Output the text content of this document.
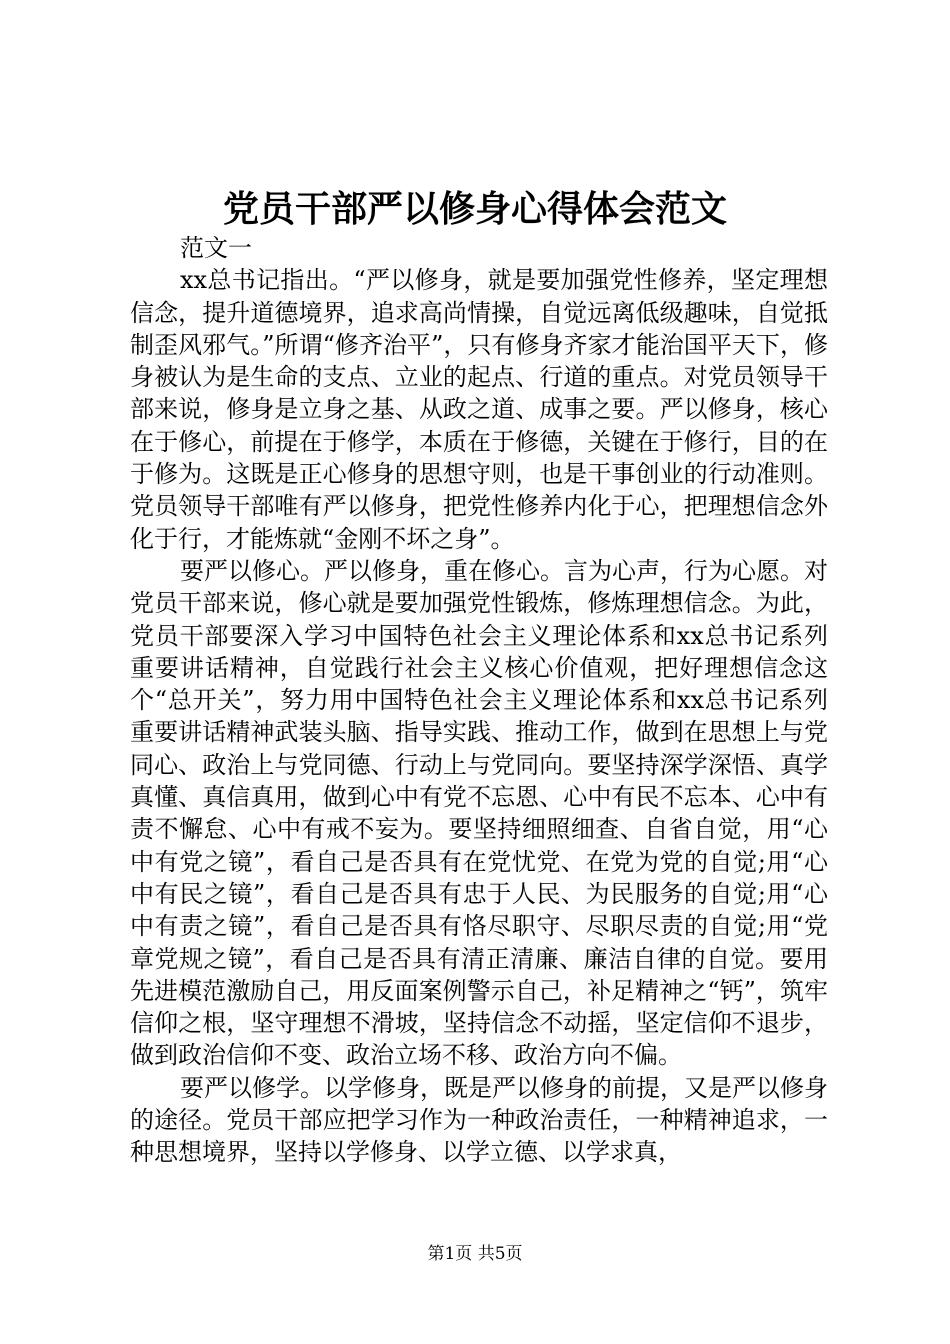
党员干部严以修身心得体会范文

范文一

xx总书记指出。“严以修身，就是要加强党性修养，坚定理想信念，提升道德境界，追求高尚情操，自觉远离低级趣味，自觉抵制歪风邪气。”所谓“修齐治平”，只有修身齐家才能治国平天下，修身被认为是生命的支点、立业的起点、行道的重点。对党员领导干部来说，修身是立身之基、从政之道、成事之要。严以修身，核心在于修心，前提在于修学，本质在于修德，关键在于修行，目的在于修为。这既是正心修身的思想守则，也是干事创业的行动准则。党员领导干部唯有严以修身，把党性修养内化于心，把理想信念外化于行，才能炼就“金刚不坏之身”。

要严以修心。严以修身，重在修心。言为心声，行为心愿。对党员干部来说，修心就是要加强党性锻炼，修炼理想信念。为此，党员干部要深入学习中国特色社会主义理论体系和xx总书记系列重要讲话精神，自觉践行社会主义核心价值观，把好理想信念这个“总开关”，努力用中国特色社会主义理论体系和xx总书记系列重要讲话精神武装头脑、指导实践、推动工作，做到在思想上与党同心、政治上与党同德、行动上与党同向。要坚持深学深悟、真学真懂、真信真用，做到心中有党不忘恩、心中有民不忘本、心中有责不懈怠、心中有戒不妄为。要坚持细照细查、自省自觉，用“心中有党之镜”，看自己是否具有在党忧党、在党为党的自觉;用“心中有民之镜”，看自己是否具有忠于人民、为民服务的自觉;用“心中有责之镜”，看自己是否具有恪尽职守、尽职尽责的自觉;用“党章党规之镜”，看自己是否具有清正清廉、廉洁自律的自觉。要用先进模范激励自己，用反面案例警示自己，补足精神之“钙”，筑牢信仰之根，坚守理想不滑坡，坚持信念不动摇，坚定信仰不退步，做到政治信仰不变、政治立场不移、政治方向不偏。

要严以修学。以学修身，既是严以修身的前提，又是严以修身的途径。党员干部应把学习作为一种政治责任，一种精神追求，一种思想境界，坚持以学修身、以学立德、以学求真，

第1页 共5页
